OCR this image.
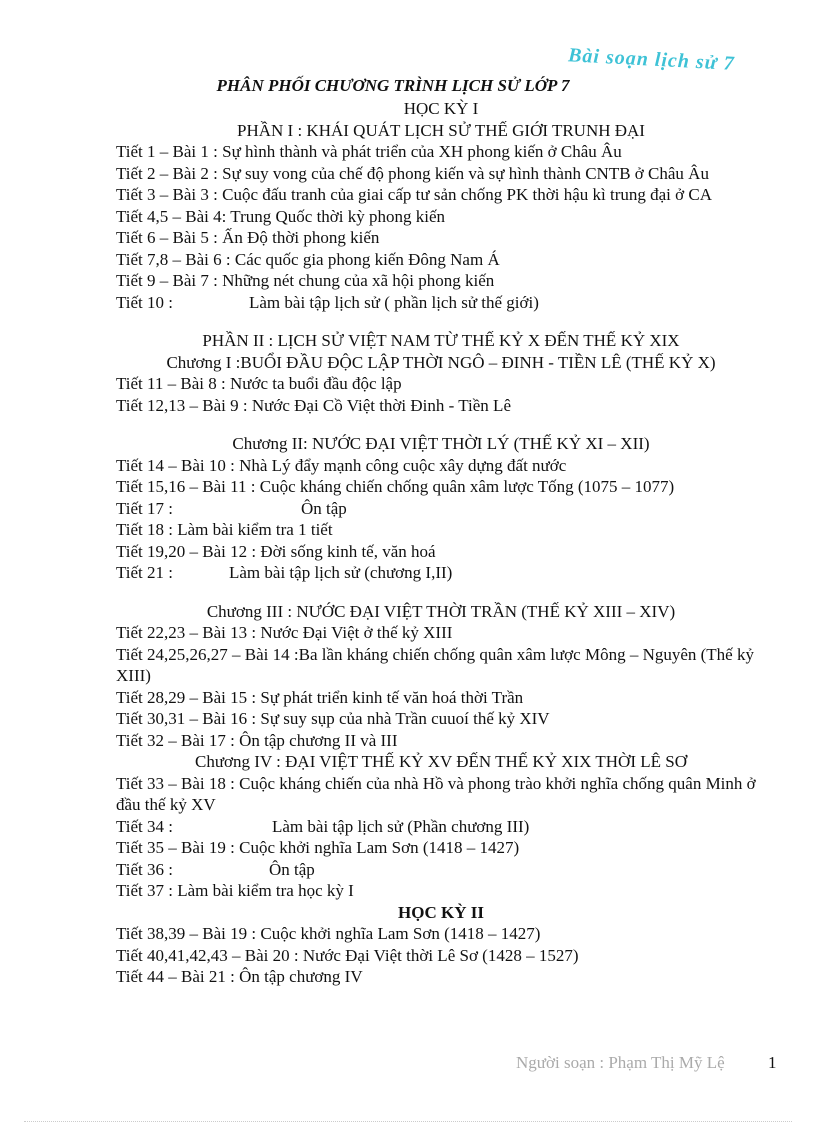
Bài soạn lịch sử 7
PHÂN PHỐI CHƯƠNG TRÌNH LỊCH SỬ LỚP 7

HỌC KỲ I

PHẦN I : KHÁI QUÁT LỊCH SỬ THẾ GIỚI TRUNH ĐẠI

Tiết 1 – Bài 1 : Sự hình thành và phát triển của XH phong kiến ở Châu Âu

Tiết 2 – Bài 2 : Sự suy vong của chế độ phong kiến và sự hình thành CNTB ở Châu Âu

Tiết 3 – Bài 3 : Cuộc đấu tranh của giai cấp tư sản chống PK thời hậu kì trung đại ở CA

Tiết 4,5 – Bài 4: Trung Quốc thời kỳ phong kiến

Tiết 6 – Bài 5 : Ấn Độ thời phong kiến

Tiết 7,8 – Bài 6 : Các quốc gia phong kiến Đông Nam Á

Tiết 9 – Bài 7 : Những nét chung của xã hội phong kiến

Tiết 10 :	Làm bài tập lịch sử ( phần lịch sử thế giới)

PHẦN II : LỊCH SỬ VIỆT NAM TỪ THẾ KỶ X ĐẾN THẾ KỶ XIX

Chương I :BUỔI ĐẦU ĐỘC LẬP THỜI NGÔ – ĐINH - TIỀN LÊ (THẾ KỶ X)

Tiết 11 – Bài 8 : Nước ta buổi đầu độc lập

Tiết 12,13 – Bài 9 : Nước Đại Cồ Việt thời Đinh - Tiền Lê

Chương II: NƯỚC ĐẠI VIỆT THỜI LÝ (THẾ KỶ XI – XII)

Tiết 14 – Bài 10 : Nhà Lý đẩy mạnh công cuộc xây dựng đất nước

Tiết 15,16 – Bài 11 : Cuộc kháng chiến chống quân xâm lược Tống (1075 – 1077)

Tiết 17 :	Ôn tập

Tiết 18 : Làm bài kiểm tra 1 tiết

Tiết 19,20 – Bài 12 : Đời sống kinh tế, văn hoá

Tiết 21 :	Làm bài tập lịch sử (chương I,II)

Chương III : NƯỚC ĐẠI VIỆT THỜI TRẦN (THẾ KỶ XIII – XIV)

Tiết 22,23 – Bài 13 : Nước Đại Việt ở thế kỷ XIII

Tiết 24,25,26,27 – Bài 14 :Ba lần kháng chiến chống quân xâm lược Mông – Nguyên (Thế kỷ XIII)

Tiết 28,29 – Bài 15 : Sự phát triển kinh tế văn hoá thời Trần

Tiết 30,31 – Bài 16 : Sự suy sụp của nhà Trần cuuoí thế kỷ XIV

Tiết 32 – Bài 17 : Ôn tập chương II và III

Chương IV : ĐẠI VIỆT THẾ KỶ XV ĐẾN THẾ KỶ XIX THỜI LÊ SƠ

Tiết 33 – Bài 18 : Cuộc kháng chiến của nhà Hồ và phong trào khởi nghĩa chống quân Minh ở đầu thế kỷ XV

Tiết 34 :	Làm bài tập lịch sử (Phần chương III)

Tiết 35 – Bài 19 : Cuộc khởi nghĩa Lam Sơn (1418 – 1427)

Tiết 36 :	Ôn tập

Tiết 37 : Làm bài kiểm tra học kỳ I

HỌC KỲ II

Tiết 38,39 – Bài 19 : Cuộc khởi nghĩa Lam Sơn (1418 – 1427)

Tiết 40,41,42,43 – Bài 20 : Nước Đại Việt thời Lê Sơ (1428 – 1527)

Tiết 44 – Bài 21 : Ôn tập chương IV

Người soạn : Phạm Thị Mỹ Lệ	1
